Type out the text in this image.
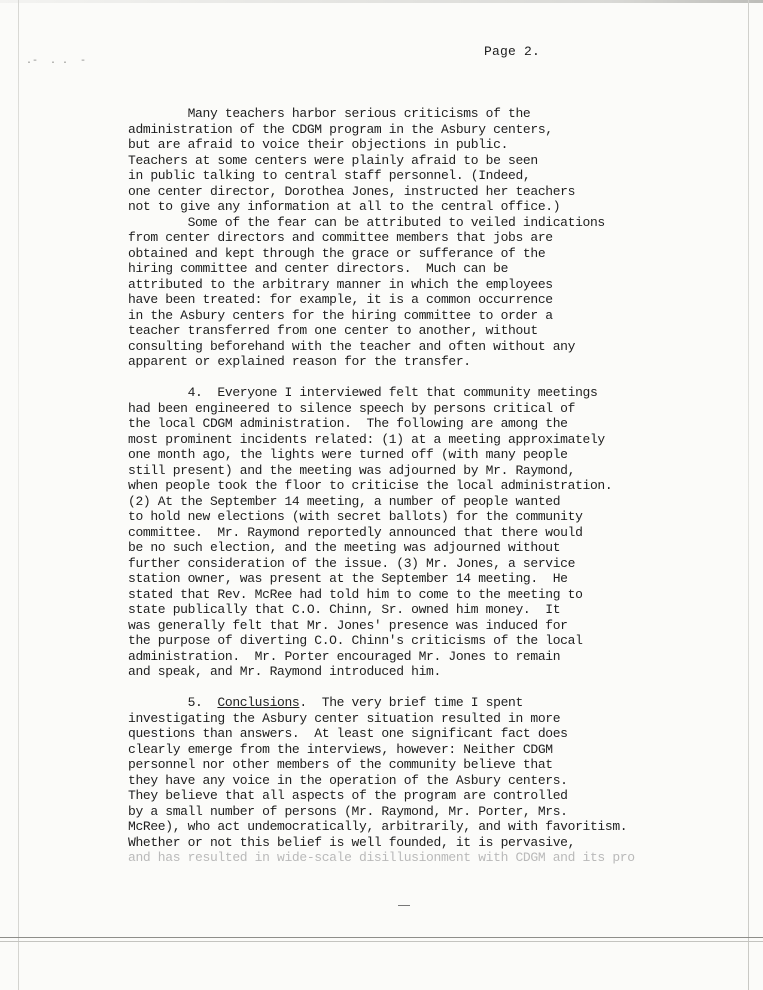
.-  . .  -
Page 2.
Many teachers harbor serious criticisms of the
administration of the CDGM program in the Asbury centers,
but are afraid to voice their objections in public.
Teachers at some centers were plainly afraid to be seen
in public talking to central staff personnel. (Indeed,
one center director, Dorothea Jones, instructed her teachers
not to give any information at all to the central office.)
Some of the fear can be attributed to veiled indications
from center directors and committee members that jobs are
obtained and kept through the grace or sufferance of the
hiring committee and center directors.  Much can be
attributed to the arbitrary manner in which the employees
have been treated: for example, it is a common occurrence
in the Asbury centers for the hiring committee to order a
teacher transferred from one center to another, without
consulting beforehand with the teacher and often without any
apparent or explained reason for the transfer.
4.  Everyone I interviewed felt that community meetings
had been engineered to silence speech by persons critical of
the local CDGM administration.  The following are among the
most prominent incidents related: (1) at a meeting approximately
one month ago, the lights were turned off (with many people
still present) and the meeting was adjourned by Mr. Raymond,
when people took the floor to criticise the local administration.
(2) At the September 14 meeting, a number of people wanted
to hold new elections (with secret ballots) for the community
committee.  Mr. Raymond reportedly announced that there would
be no such election, and the meeting was adjourned without
further consideration of the issue. (3) Mr. Jones, a service
station owner, was present at the September 14 meeting.  He
stated that Rev. McRee had told him to come to the meeting to
state publically that C.O. Chinn, Sr. owned him money.  It
was generally felt that Mr. Jones' presence was induced for
the purpose of diverting C.O. Chinn's criticisms of the local
administration.  Mr. Porter encouraged Mr. Jones to remain
and speak, and Mr. Raymond introduced him.
5.  Conclusions.  The very brief time I spent
investigating the Asbury center situation resulted in more
questions than answers.  At least one significant fact does
clearly emerge from the interviews, however: Neither CDGM
personnel nor other members of the community believe that
they have any voice in the operation of the Asbury centers.
They believe that all aspects of the program are controlled
by a small number of persons (Mr. Raymond, Mr. Porter, Mrs.
McRee), who act undemocratically, arbitrarily, and with favoritism.
Whether or not this belief is well founded, it is pervasive,
and has resulted in wide-scale disillusionment with CDGM and its pro
